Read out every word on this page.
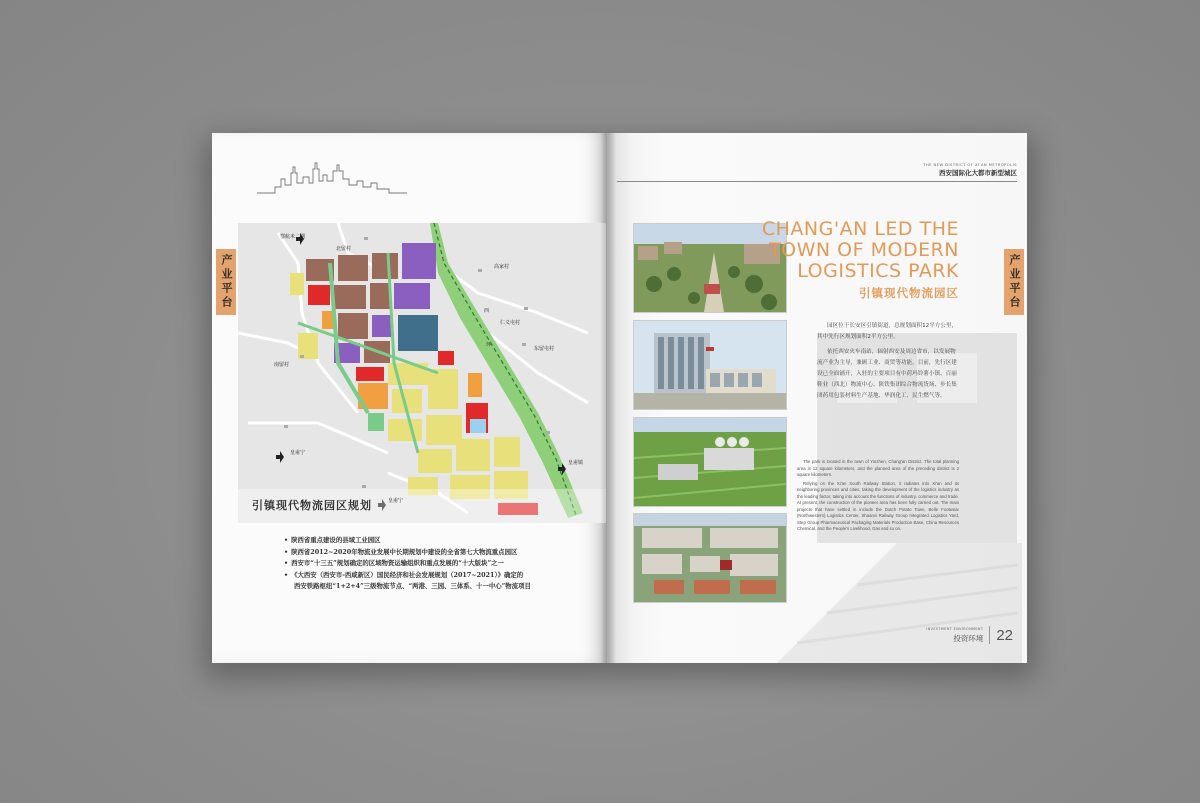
产业平台
鄠航米二期
北留村
高家村
仁义屯村
东留屯村
南留村
皇甫宁
皇甫宁
皇甫镇
西
环
引镇现代物流园区规划
• 陕西省重点建设的县域工业园区
• 陕西省2012~2020年物流业发展中长期规划中建设的全省第七大物流重点园区
• 西安市“十三五”规划确定的区域物资运输组织和重点发展的“十大版块”之一
• 《大西安（西安市-西咸新区）国民经济和社会发展规划（2017~2021）》确定的
西安铁路枢纽“1+2+4”三级物流节点、“两港、三园、三体系、十一中心”物流项目
THE NEW DISTRICT OF XI'AN METROPOLIS
西安国际化大都市新型城区
产业平台
CHANG'AN LED THE
TOWN OF MODERN
LOGISTICS PARK
引镇现代物流园区

园区位于长安区引镇街道，总规划面积12平方公里，其中先行区规划面积2平方公里。

依托西安火车南站，辐射西安及周边省市，以发展物流产业为主导，兼顾工业、商贸等功能。目前，先行区建设已全面铺开，入驻的主要项目有中荷玛铃薯小镇、百丽鞋业（西北）物流中心、陕铁集团综合物流货场、步长集团药用包装材料生产基地、华润化工、民生燃气等。

The park is located in the town of Yinzhen, Chang'an District. The total planning area is 12 square kilometers, and the planned area of the preceding district is 2 square kilometers.

Relying on the Xi'an South Railway Station, it radiates into Xi'an and its neighboring provinces and cities, taking the development of the logistics industry as the leading factor, taking into account the functions of industry, commerce and trade. At present, the construction of the pioneer area has been fully carried out. The main projects that have settled in include the Dutch Potato Town, Belle Footwear (Northwestern) Logistics Center, Shaanxi Railway Group Integrated Logistics Yard, Step Group Pharmaceutical Packaging Materials Production Base, China Resources Chemical, and the People's Livelihood, Gas and so on.

INVESTMENT ENVIRONMENT
投资环境 22
